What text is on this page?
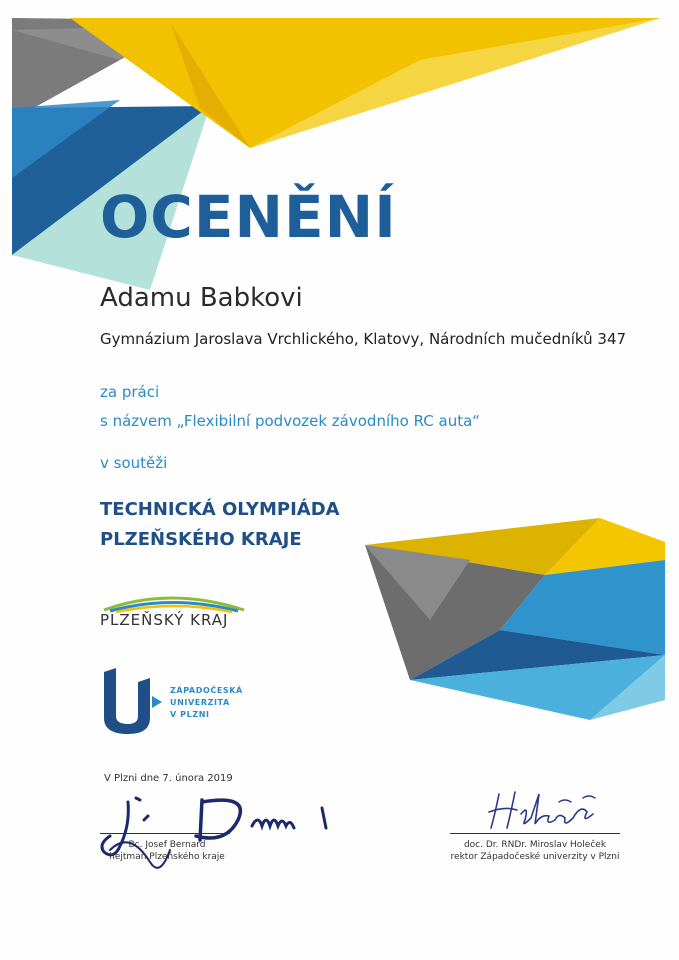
OCENĚNÍ
Adamu Babkovi
Gymnázium Jaroslava Vrchlického, Klatovy, Národních mučedníků 347
za práci
s názvem „Flexibilní podvozek závodního RC auta“
v soutěži
TECHNICKÁ OLYMPIÁDA
PLZEŇSKÉHO KRAJE
PLZEŇSKÝ KRAJ
ZÁPADOČESKÁ
UNIVERZITA
V PLZNI
V Plzni dne 7. února 2019
Bc. Josef Bernard
hejtman Plzeňského kraje
doc. Dr. RNDr. Miroslav Holeček
rektor Západočeské univerzity v Plzni
